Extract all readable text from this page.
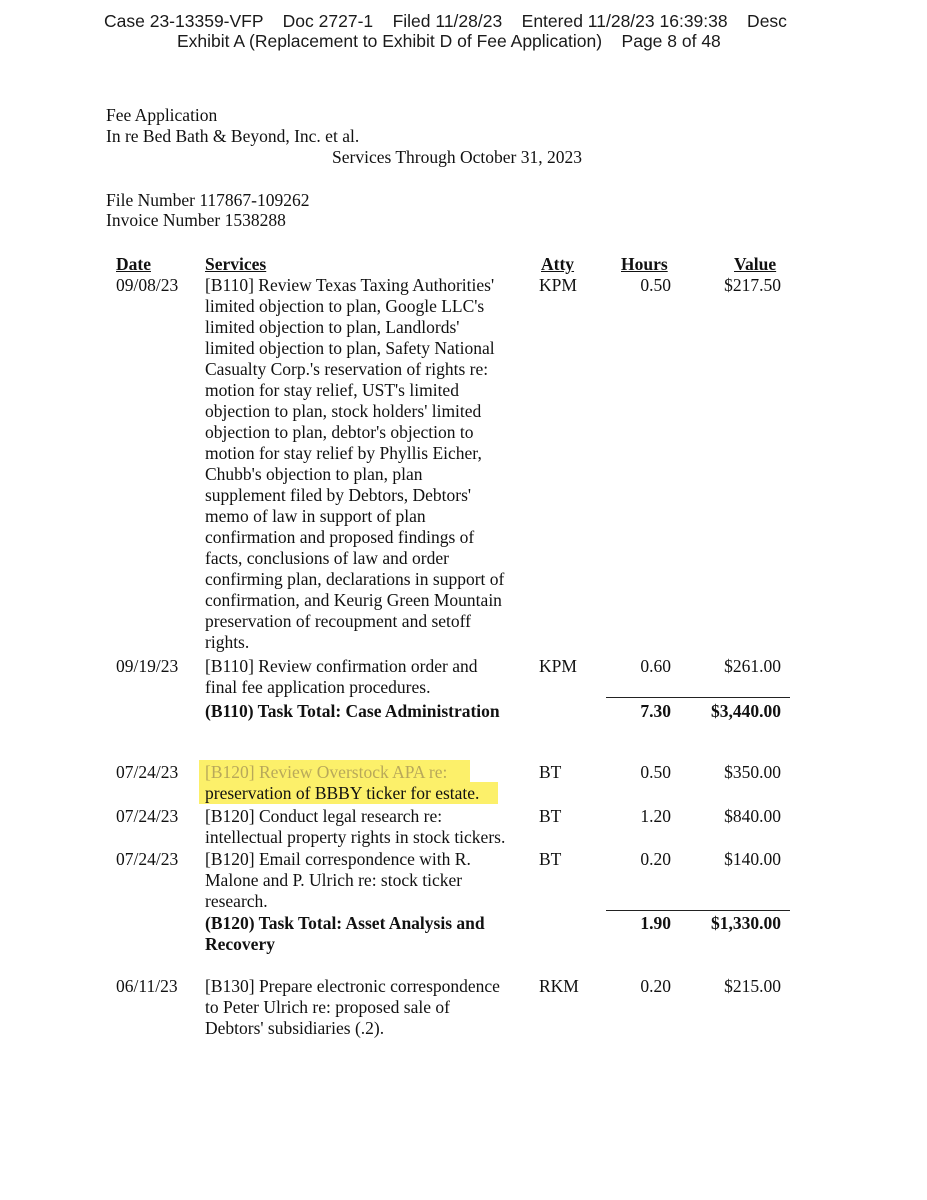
Case 23-13359-VFP    Doc 2727-1    Filed 11/28/23    Entered 11/28/23 16:39:38    Desc
Exhibit A (Replacement to Exhibit D of Fee Application)    Page 8 of 48
Fee Application
In re Bed Bath & Beyond, Inc. et al.
Services Through October 31, 2023
File Number 117867-109262
Invoice Number 1538288
Date	Services	Atty	Hours	Value
09/08/23 [B110] Review Texas Taxing Authorities'
limited objection to plan, Google LLC's
limited objection to plan, Landlords'
limited objection to plan, Safety National
Casualty Corp.'s reservation of rights re:
motion for stay relief, UST's limited
objection to plan, stock holders' limited
objection to plan, debtor's objection to
motion for stay relief by Phyllis Eicher,
Chubb's objection to plan, plan
supplement filed by Debtors, Debtors'
memo of law in support of plan
confirmation and proposed findings of
facts, conclusions of law and order
confirming plan, declarations in support of
confirmation, and Keurig Green Mountain
preservation of recoupment and setoff
rights.
KPM	0.50	$217.50
09/19/23 [B110] Review confirmation order and
final fee application procedures.
KPM	0.60	$261.00
(B110) Task Total: Case Administration	7.30 $3,440.00
07/24/23 [B120] Review Overstock APA re:
preservation of BBBY ticker for estate.
BT	0.50	$350.00
07/24/23 [B120] Conduct legal research re:
intellectual property rights in stock tickers.
BT	1.20	$840.00
07/24/23 [B120] Email correspondence with R.
Malone and P. Ulrich re: stock ticker
research.
BT	0.20	$140.00
(B120) Task Total: Asset Analysis and
Recovery
1.90 $1,330.00
06/11/23 [B130] Prepare electronic correspondence
to Peter Ulrich re: proposed sale of
Debtors' subsidiaries (.2).
RKM	0.20	$215.00
